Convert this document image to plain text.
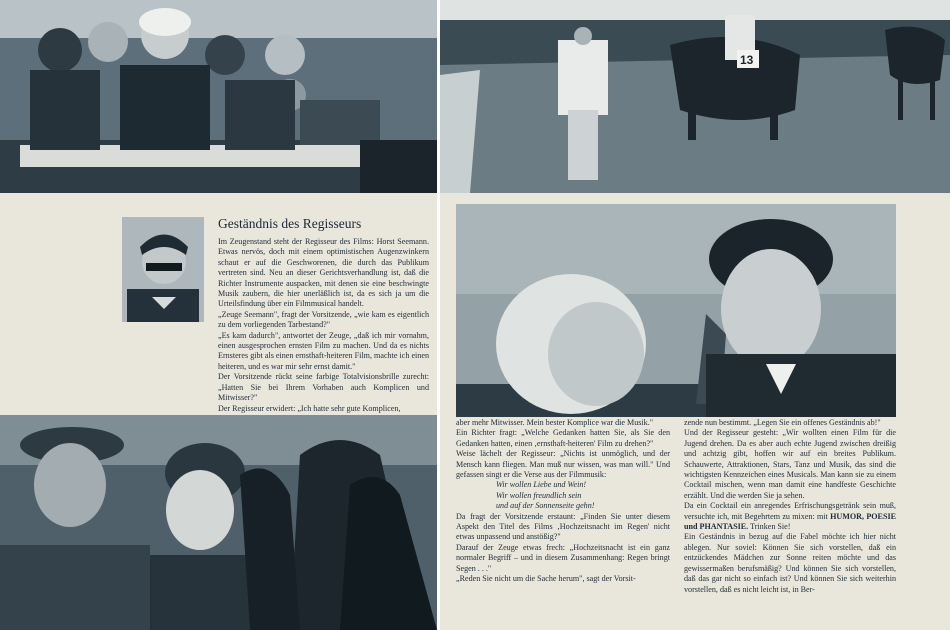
Geständnis des Regisseurs

Im Zeugenstand steht der Regisseur des Films: Horst Seemann. Etwas nervös, doch mit einem optimistischen Augenzwinkern schaut er auf die Geschworenen, die durch das Publikum vertreten sind. Neu an dieser Gerichtsverhandlung ist, daß die Richter Instrumente auspacken, mit denen sie eine beschwingte Musik zaubern, die hier unerläßlich ist, da es sich ja um die Urteilsfindung über ein Filmmusical handelt.

„Zeuge Seemann", fragt der Vorsitzende, „wie kam es eigentlich zu dem vorliegenden Tarbestand?"

„Es kam dadurch", antwortet der Zeuge, „daß ich mir vornahm, einen ausgesprochen ernsten Film zu machen. Und da es nichts Ernsteres gibt als einen ernsthaft-heiteren Film, machte ich einen heiteren, und es war mir sehr ernst damit."

Der Vorsitzende rückt seine farbige Totalvisionsbrille zurecht: „Hatten Sie bei Ihrem Vorhaben auch Komplicen und Mitwisser?"

Der Regisseur erwidert: „Ich hatte sehr gute Komplicen,

13

aber mehr Mitwisser. Mein bester Komplice war die Musik."

Ein Richter fragt: „Welche Gedanken hatten Sie, als Sie den Gedanken hatten, einen ‚ernsthaft-heiteren' Film zu drehen?"

Weise lächelt der Regisseur: „Nichts ist unmöglich, und der Mensch kann fliegen. Man muß nur wissen, was man will." Und gefassen singt er die Verse aus der Filmmusik:

Wir wollen Liebe und Wein!

Wir wollen freundlich sein

und auf der Sonnenseite gehn!

Da fragt der Vorsitzende erstaunt: „Finden Sie unter diesem Aspekt den Titel des Films ‚Hochzeitsnacht im Regen' nicht etwas unpassend und anstößig?"

Darauf der Zeuge etwas frech: „Hochzeitsnacht ist ein ganz normaler Begriff – und in diesem Zusammenhang: Regen bringt Segen . . ."

„Reden Sie nicht um die Sache herum", sagt der Vorsit-

zende nun bestimmt. „Legen Sie ein offenes Geständnis ab!"

Und der Regisseur gesteht: „Wir wollten einen Film für die Jugend drehen. Da es aber auch echte Jugend zwischen dreißig und achtzig gibt, hoffen wir auf ein breites Publikum. Schauwerte, Attraktionen, Stars, Tanz und Musik, das sind die wichtigsten Kennzeichen eines Musicals. Man kann sie zu einem Cocktail mischen, wenn man damit eine handfeste Geschichte erzählt. Und die werden Sie ja sehen.

Da ein Cocktail ein anregendes Erfrischungsgetränk sein muß, versuchte ich, mit Begehrtem zu mixen: mit HUMOR, POESIE und PHANTASIE. Trinken Sie!

Ein Geständnis in bezug auf die Fabel möchte ich hier nicht ablegen. Nur soviel: Können Sie sich vorstellen, daß ein entzückendes Mädchen zur Sonne reiten möchte und das gewissermaßen berufsmäßig? Und können Sie sich vorstellen, daß das gar nicht so einfach ist? Und können Sie sich weiterhin vorstellen, daß es nicht leicht ist, in Ber-
